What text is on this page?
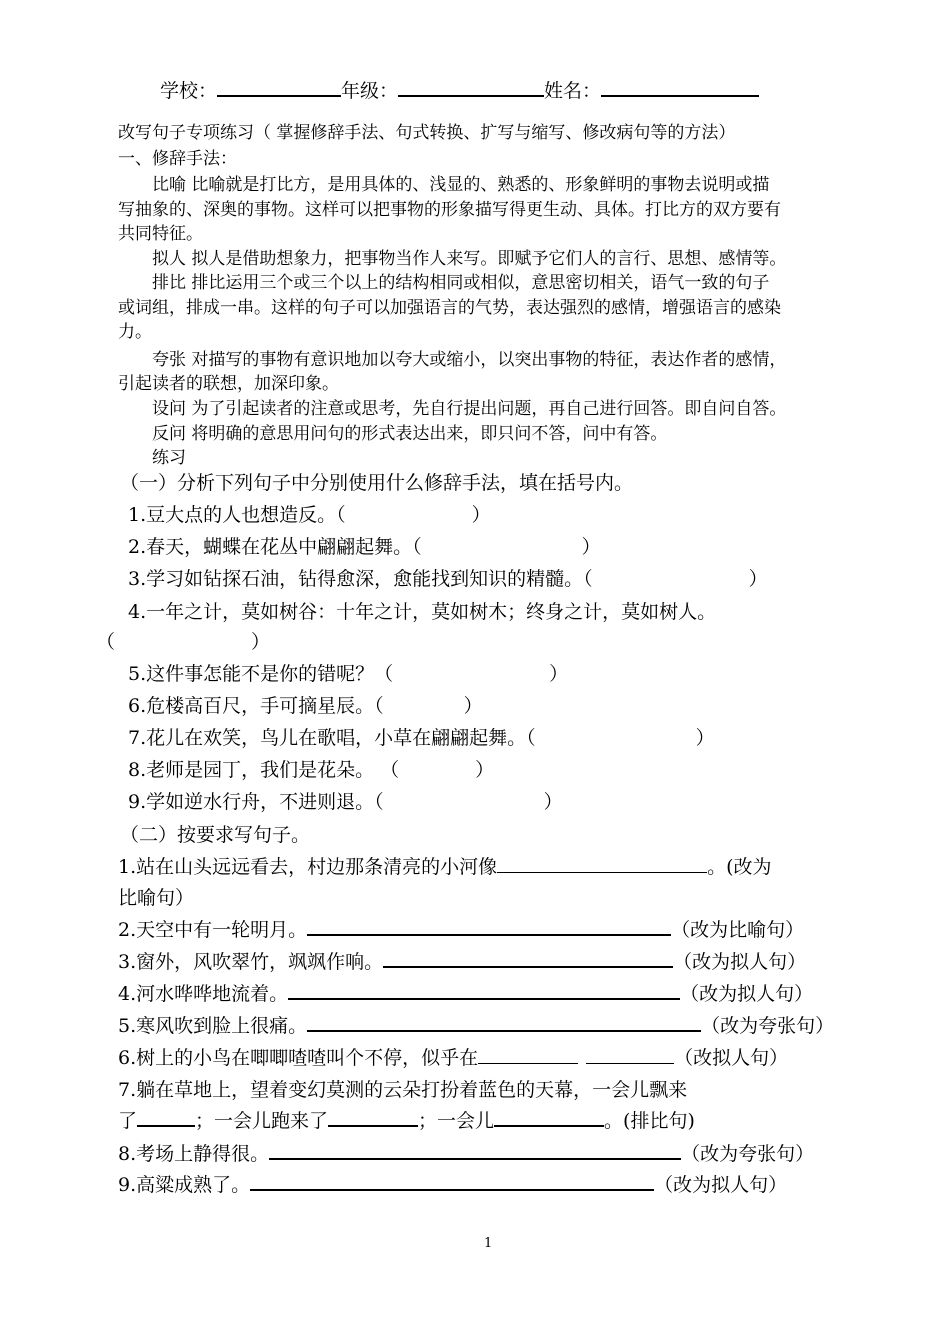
学校：	年级：	姓名：
改写句子专项练习（ 掌握修辞手法、句式转换、扩写与缩写、修改病句等的方法）
一、修辞手法：
比喻 比喻就是打比方，是用具体的、浅显的、熟悉的、形象鲜明的事物去说明或描
写抽象的、深奥的事物。这样可以把事物的形象描写得更生动、具体。打比方的双方要有
共同特征。
拟人 拟人是借助想象力，把事物当作人来写。即赋予它们人的言行、思想、感情等。
排比 排比运用三个或三个以上的结构相同或相似，意思密切相关，语气一致的句子
或词组，排成一串。这样的句子可以加强语言的气势，表达强烈的感情，增强语言的感染
力。
夸张 对描写的事物有意识地加以夸大或缩小，以突出事物的特征，表达作者的感情，
引起读者的联想，加深印象。
设问 为了引起读者的注意或思考，先自行提出问题，再自己进行回答。即自问自答。
反问 将明确的意思用问句的形式表达出来，即只问不答，问中有答。
练习
（一）分析下列句子中分别使用什么修辞手法，填在括号内。
1.豆大点的人也想造反。（	）
2.春天，蝴蝶在花丛中翩翩起舞。（	）
3.学习如钻探石油，钻得愈深，愈能找到知识的精髓。（	）
4.一年之计，莫如树谷：十年之计，莫如树木；终身之计，莫如树人。
（	）
5.这件事怎能不是你的错呢？（	）
6.危楼高百尺，手可摘星辰。（	）
7.花儿在欢笑，鸟儿在歌唱，小草在翩翩起舞。（	）
8.老师是园丁，我们是花朵。 （	）
9.学如逆水行舟，不进则退。（	）
（二）按要求写句子。
1.站在山头远远看去，村边那条清亮的小河像	。(改为
比喻句）
2.天空中有一轮明月。	（改为比喻句）
3.窗外，风吹翠竹，飒飒作响。	（改为拟人句）
4.河水哗哗地流着。	（改为拟人句）
5.寒风吹到脸上很痛。	（改为夸张句）
6.树上的小鸟在唧唧喳喳叫个不停，似乎在	（改拟人句）
7.躺在草地上，望着变幻莫测的云朵打扮着蓝色的天幕，一会儿飘来
了	；一会儿跑来了	；一会儿	。(排比句)
8.考场上静得很。	（改为夸张句）
9.高粱成熟了。	（改为拟人句）
1
